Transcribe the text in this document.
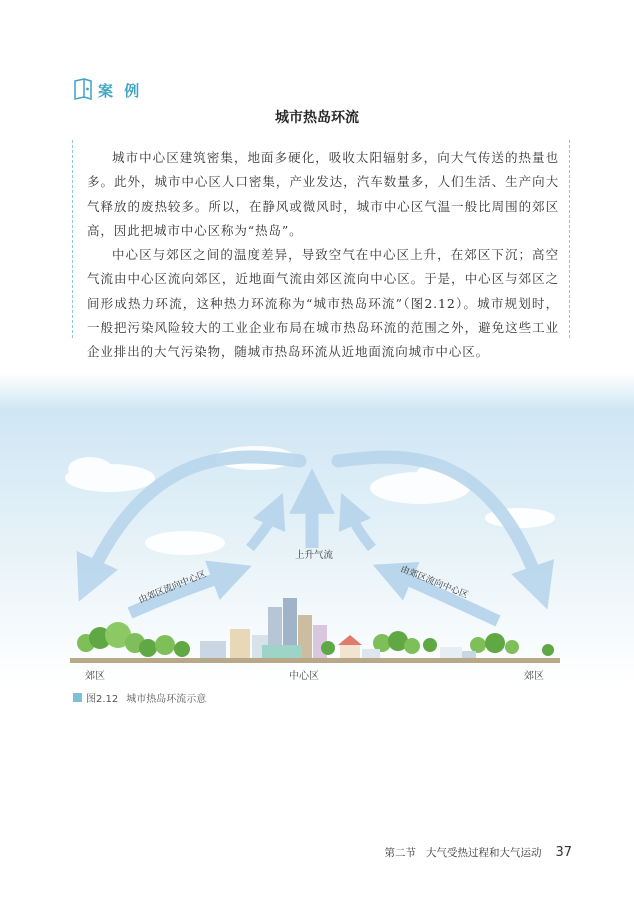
案 例
城市热岛环流

城市中心区建筑密集，地面多硬化，吸收太阳辐射多，向大气传送的热量也多。此外，城市中心区人口密集，产业发达，汽车数量多，人们生活、生产向大气释放的废热较多。所以，在静风或微风时，城市中心区气温一般比周围的郊区高，因此把城市中心区称为“热岛”。

中心区与郊区之间的温度差异，导致空气在中心区上升，在郊区下沉；高空气流由中心区流向郊区，近地面气流由郊区流向中心区。于是，中心区与郊区之间形成热力环流，这种热力环流称为“城市热岛环流”（图2.12）。城市规划时，一般把污染风险较大的工业企业布局在城市热岛环流的范围之外，避免这些工业企业排出的大气污染物，随城市热岛环流从近地面流向城市中心区。

上升气流
由郊区流向中心区	由郊区流向中心区
郊区	中心区	郊区
图2.12 城市热岛环流示意
第二节 大气受热过程和大气运动 37
